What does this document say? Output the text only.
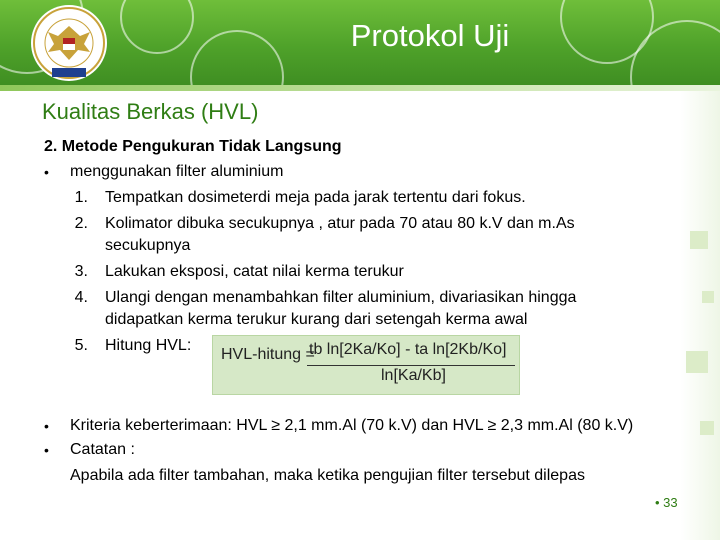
Protokol Uji
Kualitas Berkas (HVL)
2. Metode Pengukuran Tidak Langsung
• menggunakan filter aluminium
1. Tempatkan dosimeterdi meja pada jarak tertentu dari fokus.
2. Kolimator dibuka secukupnya , atur pada 70 atau 80 k.V dan m.As
secukupnya
3. Lakukan eksposi, catat nilai kerma terukur
4. Ulangi dengan menambahkan filter aluminium, divariasikan hingga
didapatkan kerma terukur kurang dari setengah kerma awal
5. Hitung HVL:
HVL-hitung =
tb ln[2Ka/Ko] - ta ln[2Kb/Ko]
ln[Ka/Kb]
• Kriteria keberterimaan: HVL ≥ 2,1 mm.Al (70 k.V) dan HVL ≥ 2,3 mm.Al (80 k.V)
• Catatan :
Apabila ada filter tambahan, maka ketika pengujian filter tersebut dilepas
• 33
